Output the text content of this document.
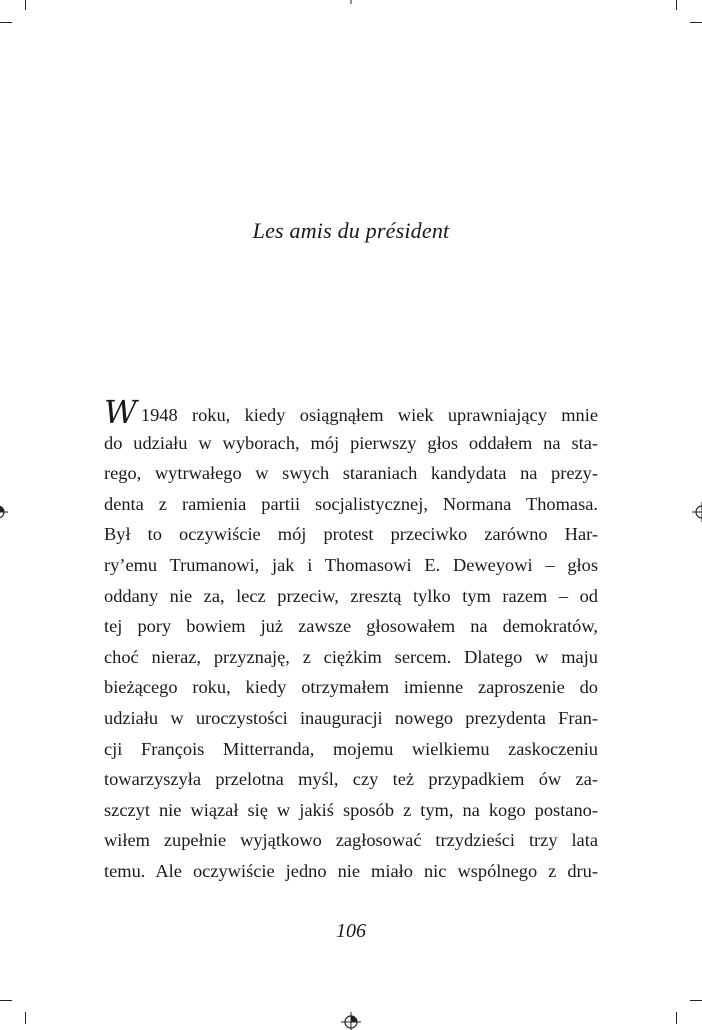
Les amis du président
W 1948 roku, kiedy osiągnąłem wiek uprawniający mnie
do udziału w wyborach, mój pierwszy głos oddałem na sta-
rego, wytrwałego w swych staraniach kandydata na prezy-
denta z ramienia partii socjalistycznej, Normana Thomasa.
Był to oczywiście mój protest przeciwko zarówno Har-
ry’emu Trumanowi, jak i Thomasowi E. Deweyowi – głos
oddany nie za, lecz przeciw, zresztą tylko tym razem – od
tej pory bowiem już zawsze głosowałem na demokratów,
choć nieraz, przyznaję, z ciężkim sercem. Dlatego w maju
bieżącego roku, kiedy otrzymałem imienne zaproszenie do
udziału w uroczystości inauguracji nowego prezydenta Fran-
cji François Mitterranda, mojemu wielkiemu zaskoczeniu
towarzyszyła przelotna myśl, czy też przypadkiem ów za-
szczyt nie wiązał się w jakiś sposób z tym, na kogo postano-
wiłem zupełnie wyjątkowo zagłosować trzydzieści trzy lata
temu. Ale oczywiście jedno nie miało nic wspólnego z dru-
106
